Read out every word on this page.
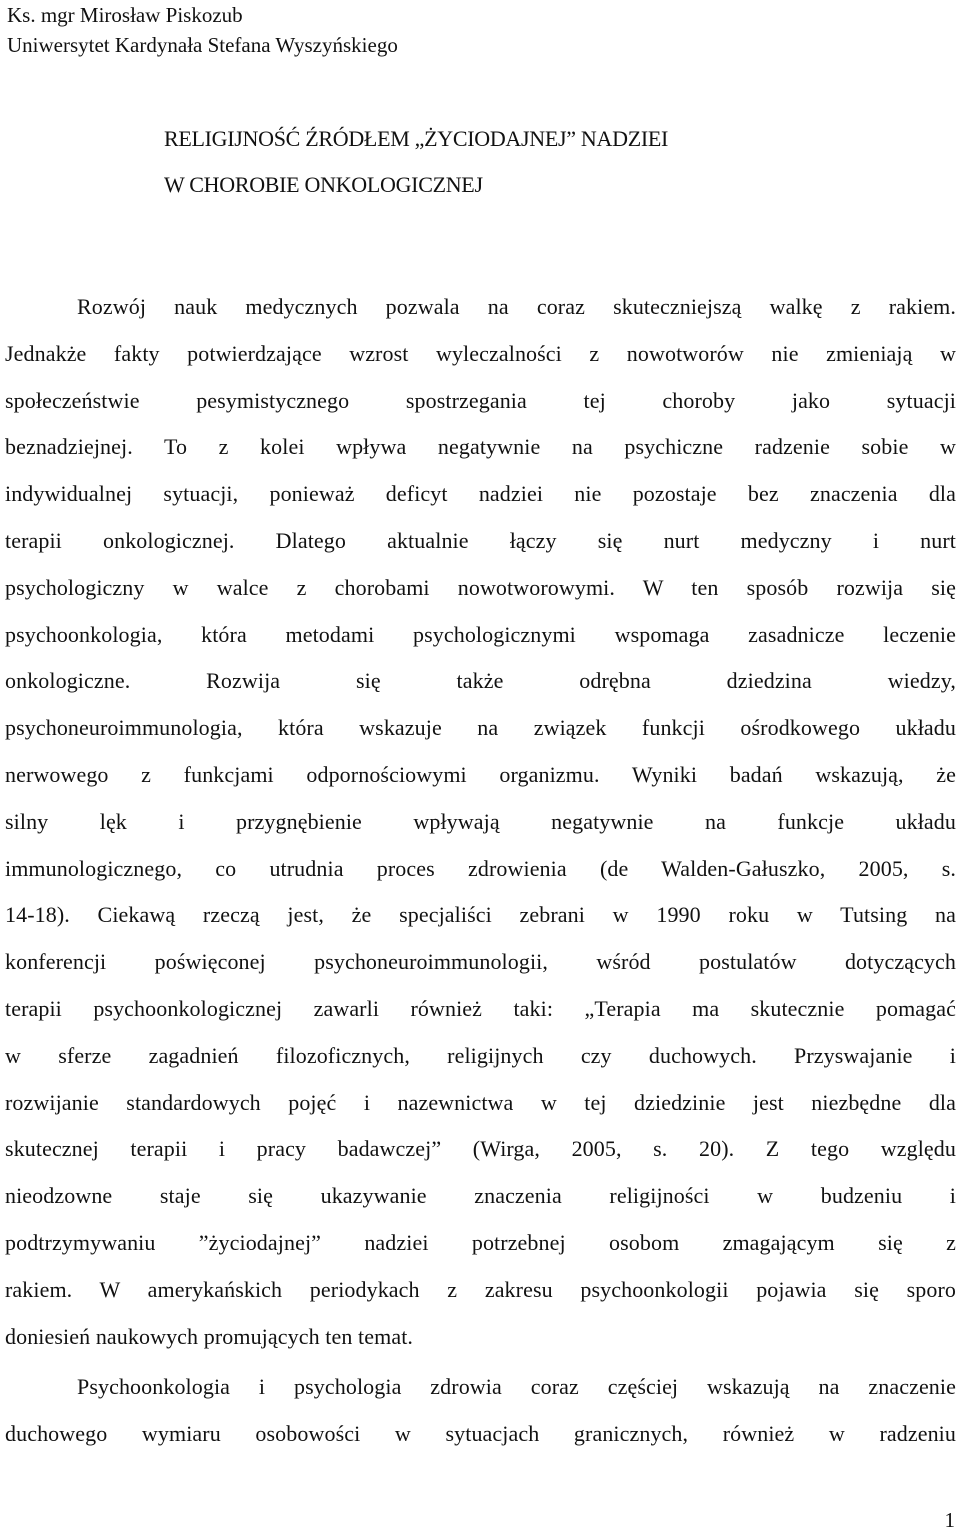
Ks. mgr Mirosław Piskozub
Uniwersytet Kardynała Stefana Wyszyńskiego
RELIGIJNOŚĆ ŹRÓDŁEM „ŻYCIODAJNEJ” NADZIEI
W CHOROBIE ONKOLOGICZNEJ
Rozwój nauk medycznych pozwala na coraz skuteczniejszą walkę z rakiem.
Jednakże fakty potwierdzające wzrost wyleczalności z nowotworów nie zmieniają w
społeczeństwie pesymistycznego spostrzegania tej choroby jako sytuacji
beznadziejnej. To z kolei wpływa negatywnie na psychiczne radzenie sobie w
indywidualnej sytuacji, ponieważ deficyt nadziei nie pozostaje bez znaczenia dla
terapii onkologicznej. Dlatego aktualnie łączy się nurt medyczny i nurt
psychologiczny w walce z chorobami nowotworowymi. W ten sposób rozwija się
psychoonkologia, która metodami psychologicznymi wspomaga zasadnicze leczenie
onkologiczne. Rozwija się także odrębna dziedzina wiedzy,
psychoneuroimmunologia, która wskazuje na związek funkcji ośrodkowego układu
nerwowego z funkcjami odpornościowymi organizmu. Wyniki badań wskazują, że
silny lęk i przygnębienie wpływają negatywnie na funkcje układu
immunologicznego, co utrudnia proces zdrowienia (de Walden-Gałuszko, 2005, s.
14-18). Ciekawą rzeczą jest, że specjaliści zebrani w 1990 roku w Tutsing na
konferencji poświęconej psychoneuroimmunologii, wśród postulatów dotyczących
terapii psychoonkologicznej zawarli również taki: „Terapia ma skutecznie pomagać
w sferze zagadnień filozoficznych, religijnych czy duchowych. Przyswajanie i
rozwijanie standardowych pojęć i nazewnictwa w tej dziedzinie jest niezbędne dla
skutecznej terapii i pracy badawczej” (Wirga, 2005, s. 20). Z tego względu
nieodzowne staje się ukazywanie znaczenia religijności w budzeniu i
podtrzymywaniu ”życiodajnej” nadziei potrzebnej osobom zmagającym się z
rakiem. W amerykańskich periodykach z zakresu psychoonkologii pojawia się sporo
doniesień naukowych promujących ten temat.
Psychoonkologia i psychologia zdrowia coraz częściej wskazują na znaczenie
duchowego wymiaru osobowości w sytuacjach granicznych, również w radzeniu
1
